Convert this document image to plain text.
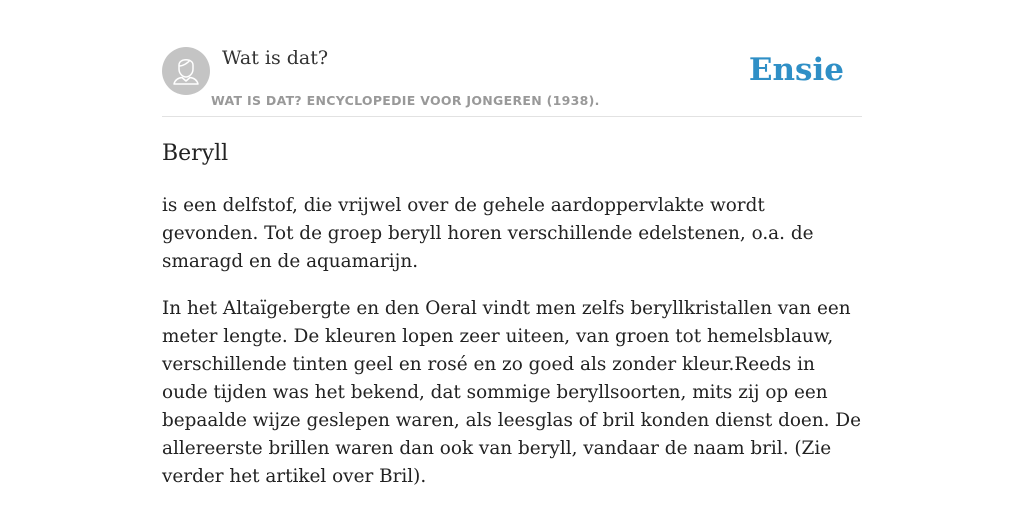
Wat is dat?
WAT IS DAT? ENCYCLOPEDIE VOOR JONGEREN (1938).
Ensie
Beryll

is een delfstof, die vrijwel over de gehele aardoppervlakte wordt gevonden. Tot de groep beryll horen verschillende edelstenen, o.a. de smaragd en de aquamarijn.

In het Altaïgebergte en den Oeral vindt men zelfs beryllkristallen van een meter lengte. De kleuren lopen zeer uiteen, van groen tot hemelsblauw, verschillende tinten geel en rosé en zo goed als zonder kleur.Reeds in oude tijden was het bekend, dat sommige beryllsoorten, mits zij op een bepaalde wijze geslepen waren, als leesglas of bril konden dienst doen. De allereerste brillen waren dan ook van beryll, vandaar de naam bril. (Zie verder het artikel over Bril).
